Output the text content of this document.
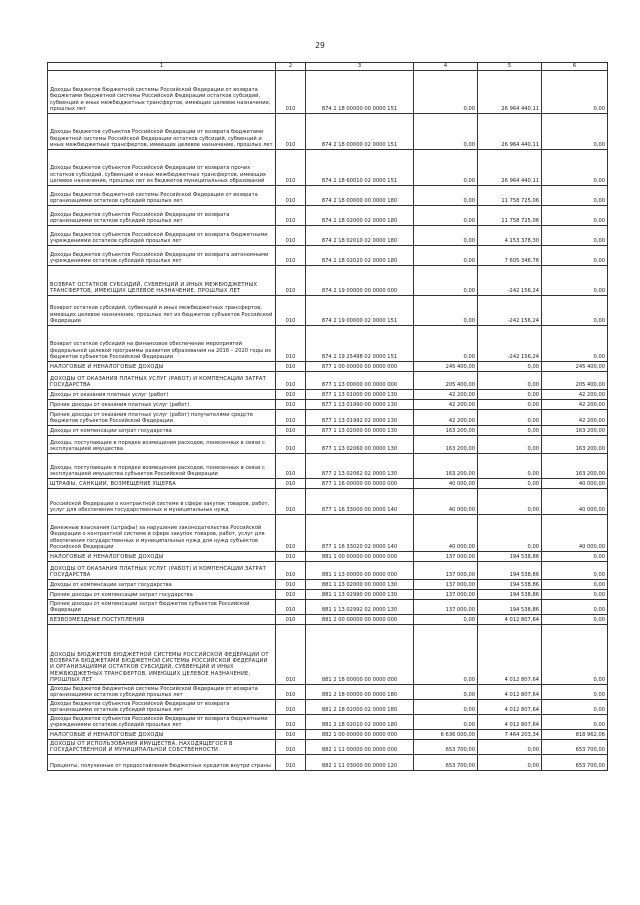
29
1	2	3	4	5	6
Доходы бюджетов бюджетной системы Российской Федерации от возврата бюджетами бюджетной системы Российской Федерации остатков субсидий, субвенций и иных межбюджетных трансфертов, имеющих целевое назначение, прошлых лет	010	874 2 18 00000 00 0000 151	0,00	26 964 440,11	0,00
Доходы бюджетов субъектов Российской Федерации от возврата бюджетами бюджетной системы Российской Федерации остатков субсидий, субвенций и иных межбюджетных трансфертов, имеющих целевое назначение, прошлых лет	010	874 2 18 00000 02 0000 151	0,00	26 964 440,11	0,00
Доходы бюджетов субъектов Российской Федерации от возврата прочих остатков субсидий, субвенций и иных межбюджетных трансфертов, имеющих целевое назначение, прошлых лет из бюджетов муниципальных образований	010	874 2 18 60010 02 0000 151	0,00	26 964 440,11	0,00
Доходы бюджетов бюджетной системы Российской Федерации от возврата организациями остатков субсидий прошлых лет	010	874 2 18 00000 00 0000 180	0,00	11 758 725,06	0,00
Доходы бюджетов субъектов Российской Федерации от возврата организациями остатков субсидий прошлых лет	010	874 2 18 02000 02 0000 180	0,00	11 758 725,06	0,00
Доходы бюджетов субъектов Российской Федерации от возврата бюджетными учреждениями остатков субсидий прошлых лет	010	874 2 18 02010 02 0000 180	0,00	4 153 378,30	0,00
Доходы бюджетов субъектов Российской Федерации от возврата автономными учреждениями остатков субсидий прошлых лет	010	874 2 18 02020 02 0000 180	0,00	7 605 346,76	0,00
ВОЗВРАТ ОСТАТКОВ СУБСИДИЙ, СУБВЕНЦИЙ И ИНЫХ МЕЖБЮДЖЕТНЫХ ТРАНСФЕРТОВ, ИМЕЮЩИХ ЦЕЛЕВОЕ НАЗНАЧЕНИЕ, ПРОШЛЫХ ЛЕТ	010	874 2 19 00000 00 0000 000	0,00	-242 156,24	0,00
Возврат остатков субсидий, субвенций и иных межбюджетных трансфертов, имеющих целевое назначение, прошлых лет из бюджетов субъектов Российской Федерации	010	874 2 19 00000 02 0000 151	0,00	-242 156,24	0,00
Возврат остатков субсидий на финансовое обеспечение мероприятий федеральной целевой программы развития образования на 2016 – 2020 годы из бюджетов субъектов Российской Федерации	010	874 2 19 25498 02 0000 151	0,00	-242 156,24	0,00
НАЛОГОВЫЕ И НЕНАЛОГОВЫЕ ДОХОДЫ	010	877 1 00 00000 00 0000 000	245 400,00	0,00	245 400,00
ДОХОДЫ ОТ ОКАЗАНИЯ ПЛАТНЫХ УСЛУГ (РАБОТ) И КОМПЕНСАЦИИ ЗАТРАТ ГОСУДАРСТВА	010	877 1 13 00000 00 0000 000	205 400,00	0,00	205 400,00
Доходы от оказания платных услуг (работ)	010	877 1 13 01000 00 0000 130	42 200,00	0,00	42 200,00
Прочие доходы от оказания платных услуг (работ)	010	877 1 13 01990 00 0000 130	42 200,00	0,00	42 200,00
Прочие доходы от оказания платных услуг (работ) получателями средств бюджетов субъектов Российской Федерации	010	877 1 13 01992 02 0000 130	42 200,00	0,00	42 200,00
Доходы от компенсации затрат государства	010	877 1 13 02000 00 0000 130	163 200,00	0,00	163 200,00
Доходы, поступающие в порядке возмещения расходов, понесенных в связи с эксплуатацией имущества	010	877 1 13 02060 00 0000 130	163 200,00	0,00	163 200,00
Доходы, поступающие в порядке возмещения расходов, понесенных в связи с эксплуатацией имущества субъектов Российской Федерации	010	877 1 13 02062 02 0000 130	163 200,00	0,00	163 200,00
ШТРАФЫ, САНКЦИИ, ВОЗМЕЩЕНИЕ УЩЕРБА	010	877 1 16 00000 00 0000 000	40 000,00	0,00	40 000,00
Российской Федерации о контрактной системе в сфере закупок товаров, работ, услуг для обеспечения государственных и муниципальных нужд	010	877 1 16 33000 00 0000 140	40 000,00	0,00	40 000,00
Денежные взыскания (штрафы) за нарушение законодательства Российской Федерации о контрактной системе в сфере закупок товаров, работ, услуг для обеспечения государственных и муниципальных нужд для нужд субъектов Российской Федерации	010	877 1 16 33020 02 0000 140	40 000,00	0,00	40 000,00
НАЛОГОВЫЕ И НЕНАЛОГОВЫЕ ДОХОДЫ	010	881 1 00 00000 00 0000 000	137 000,00	194 538,86	0,00
ДОХОДЫ ОТ ОКАЗАНИЯ ПЛАТНЫХ УСЛУГ (РАБОТ) И КОМПЕНСАЦИИ ЗАТРАТ ГОСУДАРСТВА	010	881 1 13 00000 00 0000 000	137 000,00	194 538,86	0,00
Доходы от компенсации затрат государства	010	881 1 13 02000 00 0000 130	137 000,00	194 538,86	0,00
Прочие доходы от компенсации затрат государства	010	881 1 13 02990 00 0000 130	137 000,00	194 538,86	0,00
Прочие доходы от компенсации затрат бюджетов субъектов Российской Федерации	010	881 1 13 02992 02 0000 130	137 000,00	194 538,86	0,00
БЕЗВОЗМЕЗДНЫЕ ПОСТУПЛЕНИЯ	010	881 2 00 00000 00 0000 000	0,00	4 012 807,64	0,00
ДОХОДЫ БЮДЖЕТОВ БЮДЖЕТНОЙ СИСТЕМЫ РОССИЙСКОЙ ФЕДЕРАЦИИ ОТ ВОЗВРАТА БЮДЖЕТАМИ БЮДЖЕТНОЙ СИСТЕМЫ РОССИЙСКОЙ ФЕДЕРАЦИИ И ОРГАНИЗАЦИЯМИ ОСТАТКОВ СУБСИДИЙ, СУБВЕНЦИЙ И ИНЫХ МЕЖБЮДЖЕТНЫХ ТРАНСФЕРТОВ, ИМЕЮЩИХ ЦЕЛЕВОЕ НАЗНАЧЕНИЕ, ПРОШЛЫХ ЛЕТ	010	881 2 18 00000 00 0000 000	0,00	4 012 807,64	0,00
Доходы бюджетов бюджетной системы Российской Федерации от возврата организациями остатков субсидий прошлых лет	010	881 2 18 00000 00 0000 180	0,00	4 012 807,64	0,00
Доходы бюджетов субъектов Российской Федерации от возврата организациями остатков субсидий прошлых лет	010	881 2 18 02000 02 0000 180	0,00	4 012 807,64	0,00
Доходы бюджетов субъектов Российской Федерации от возврата бюджетными учреждениями остатков субсидий прошлых лет	010	881 2 18 02010 02 0000 180	0,00	4 012 807,64	0,00
НАЛОГОВЫЕ И НЕНАЛОГОВЫЕ ДОХОДЫ	010	882 1 00 00000 00 0000 000	6 636 000,00	7 464 203,34	818 962,06
ДОХОДЫ ОТ ИСПОЛЬЗОВАНИЯ ИМУЩЕСТВА, НАХОДЯЩЕГОСЯ В ГОСУДАРСТВЕННОЙ И МУНИЦИПАЛЬНОЙ СОБСТВЕННОСТИ	010	882 1 11 00000 00 0000 000	653 700,00	0,00	653 700,00
Проценты, полученные от предоставления бюджетных кредитов внутри страны	010	882 1 11 03000 00 0000 120	653 700,00	0,00	653 700,00
